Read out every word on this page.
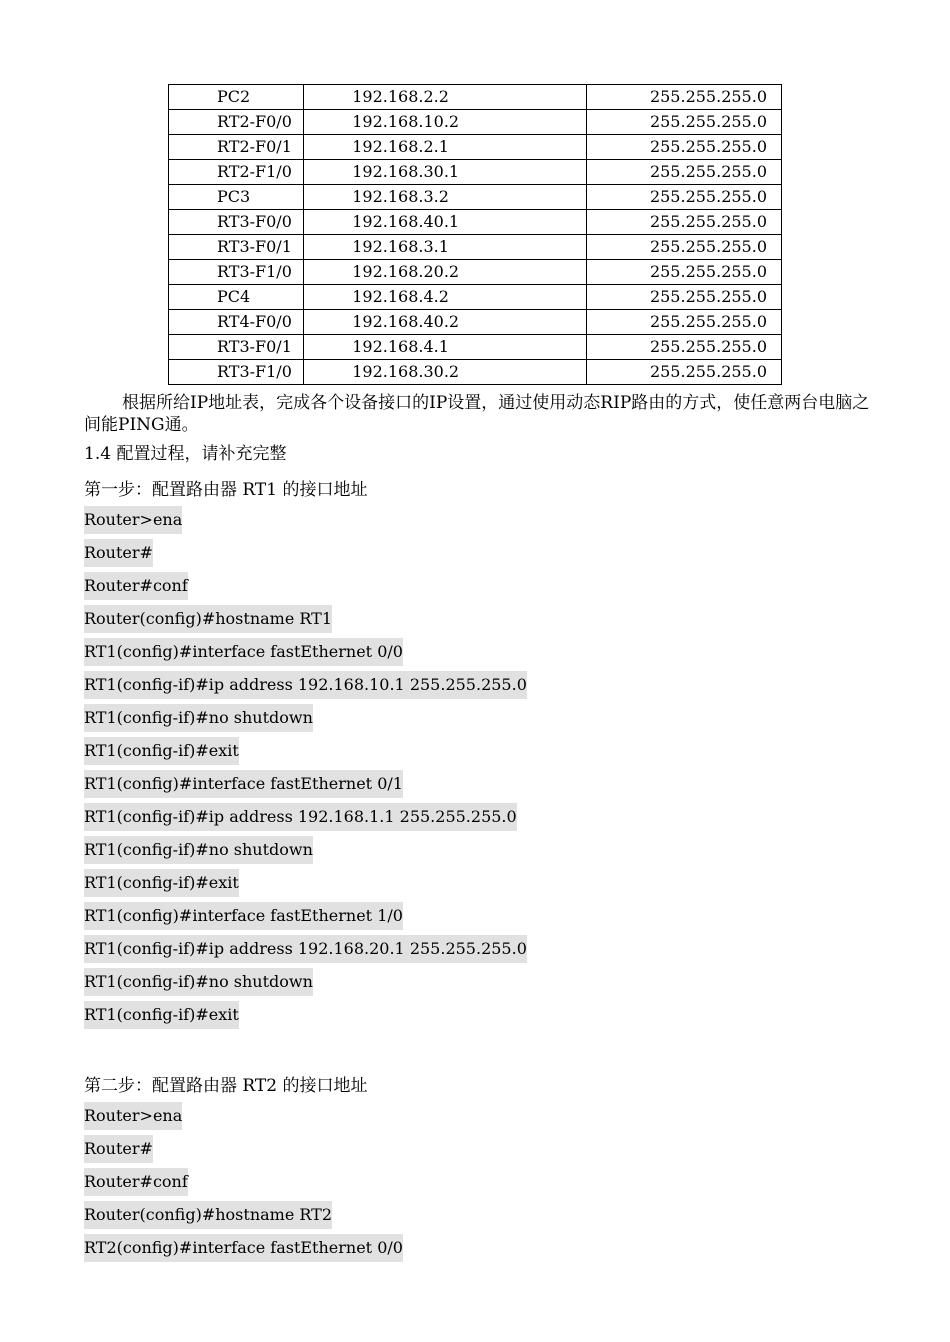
PC2	192.168.2.2	255.255.255.0
RT2-F0/0	192.168.10.2	255.255.255.0
RT2-F0/1	192.168.2.1	255.255.255.0
RT2-F1/0	192.168.30.1	255.255.255.0
PC3	192.168.3.2	255.255.255.0
RT3-F0/0	192.168.40.1	255.255.255.0
RT3-F0/1	192.168.3.1	255.255.255.0
RT3-F1/0	192.168.20.2	255.255.255.0
PC4	192.168.4.2	255.255.255.0
RT4-F0/0	192.168.40.2	255.255.255.0
RT3-F0/1	192.168.4.1	255.255.255.0
RT3-F1/0	192.168.30.2	255.255.255.0

根据所给IP地址表，完成各个设备接口的IP设置，通过使用动态RIP路由的方式，使任意两台电脑之间能PING通。

1.4 配置过程，请补充完整

第一步：配置路由器 RT1 的接口地址

Router>ena
Router#
Router#conf
Router(config)#hostname RT1
RT1(config)#interface fastEthernet 0/0
RT1(config-if)#ip address 192.168.10.1 255.255.255.0
RT1(config-if)#no shutdown
RT1(config-if)#exit
RT1(config)#interface fastEthernet 0/1
RT1(config-if)#ip address 192.168.1.1 255.255.255.0
RT1(config-if)#no shutdown
RT1(config-if)#exit
RT1(config)#interface fastEthernet 1/0
RT1(config-if)#ip address 192.168.20.1 255.255.255.0
RT1(config-if)#no shutdown
RT1(config-if)#exit

第二步：配置路由器 RT2 的接口地址

Router>ena
Router#
Router#conf
Router(config)#hostname RT2
RT2(config)#interface fastEthernet 0/0
